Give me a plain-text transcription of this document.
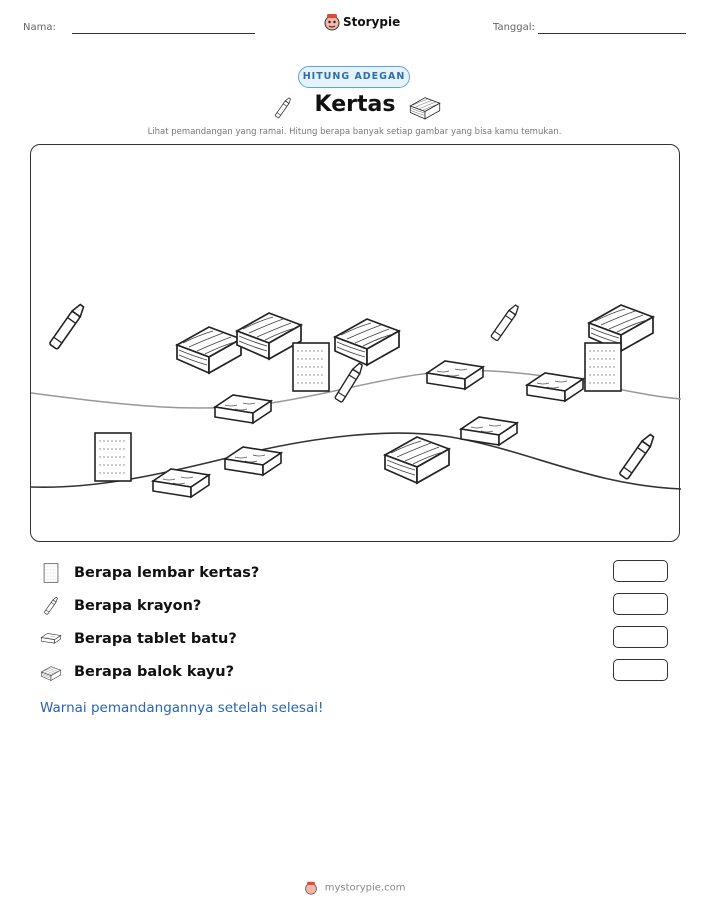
Nama:	Storypie	Tanggal:
HITUNG ADEGAN
Kertas
Lihat pemandangan yang ramai. Hitung berapa banyak setiap gambar yang bisa kamu temukan.
Berapa lembar kertas?
Berapa krayon?
Berapa tablet batu?
Berapa balok kayu?
Warnai pemandangannya setelah selesai!
mystorypie.com
